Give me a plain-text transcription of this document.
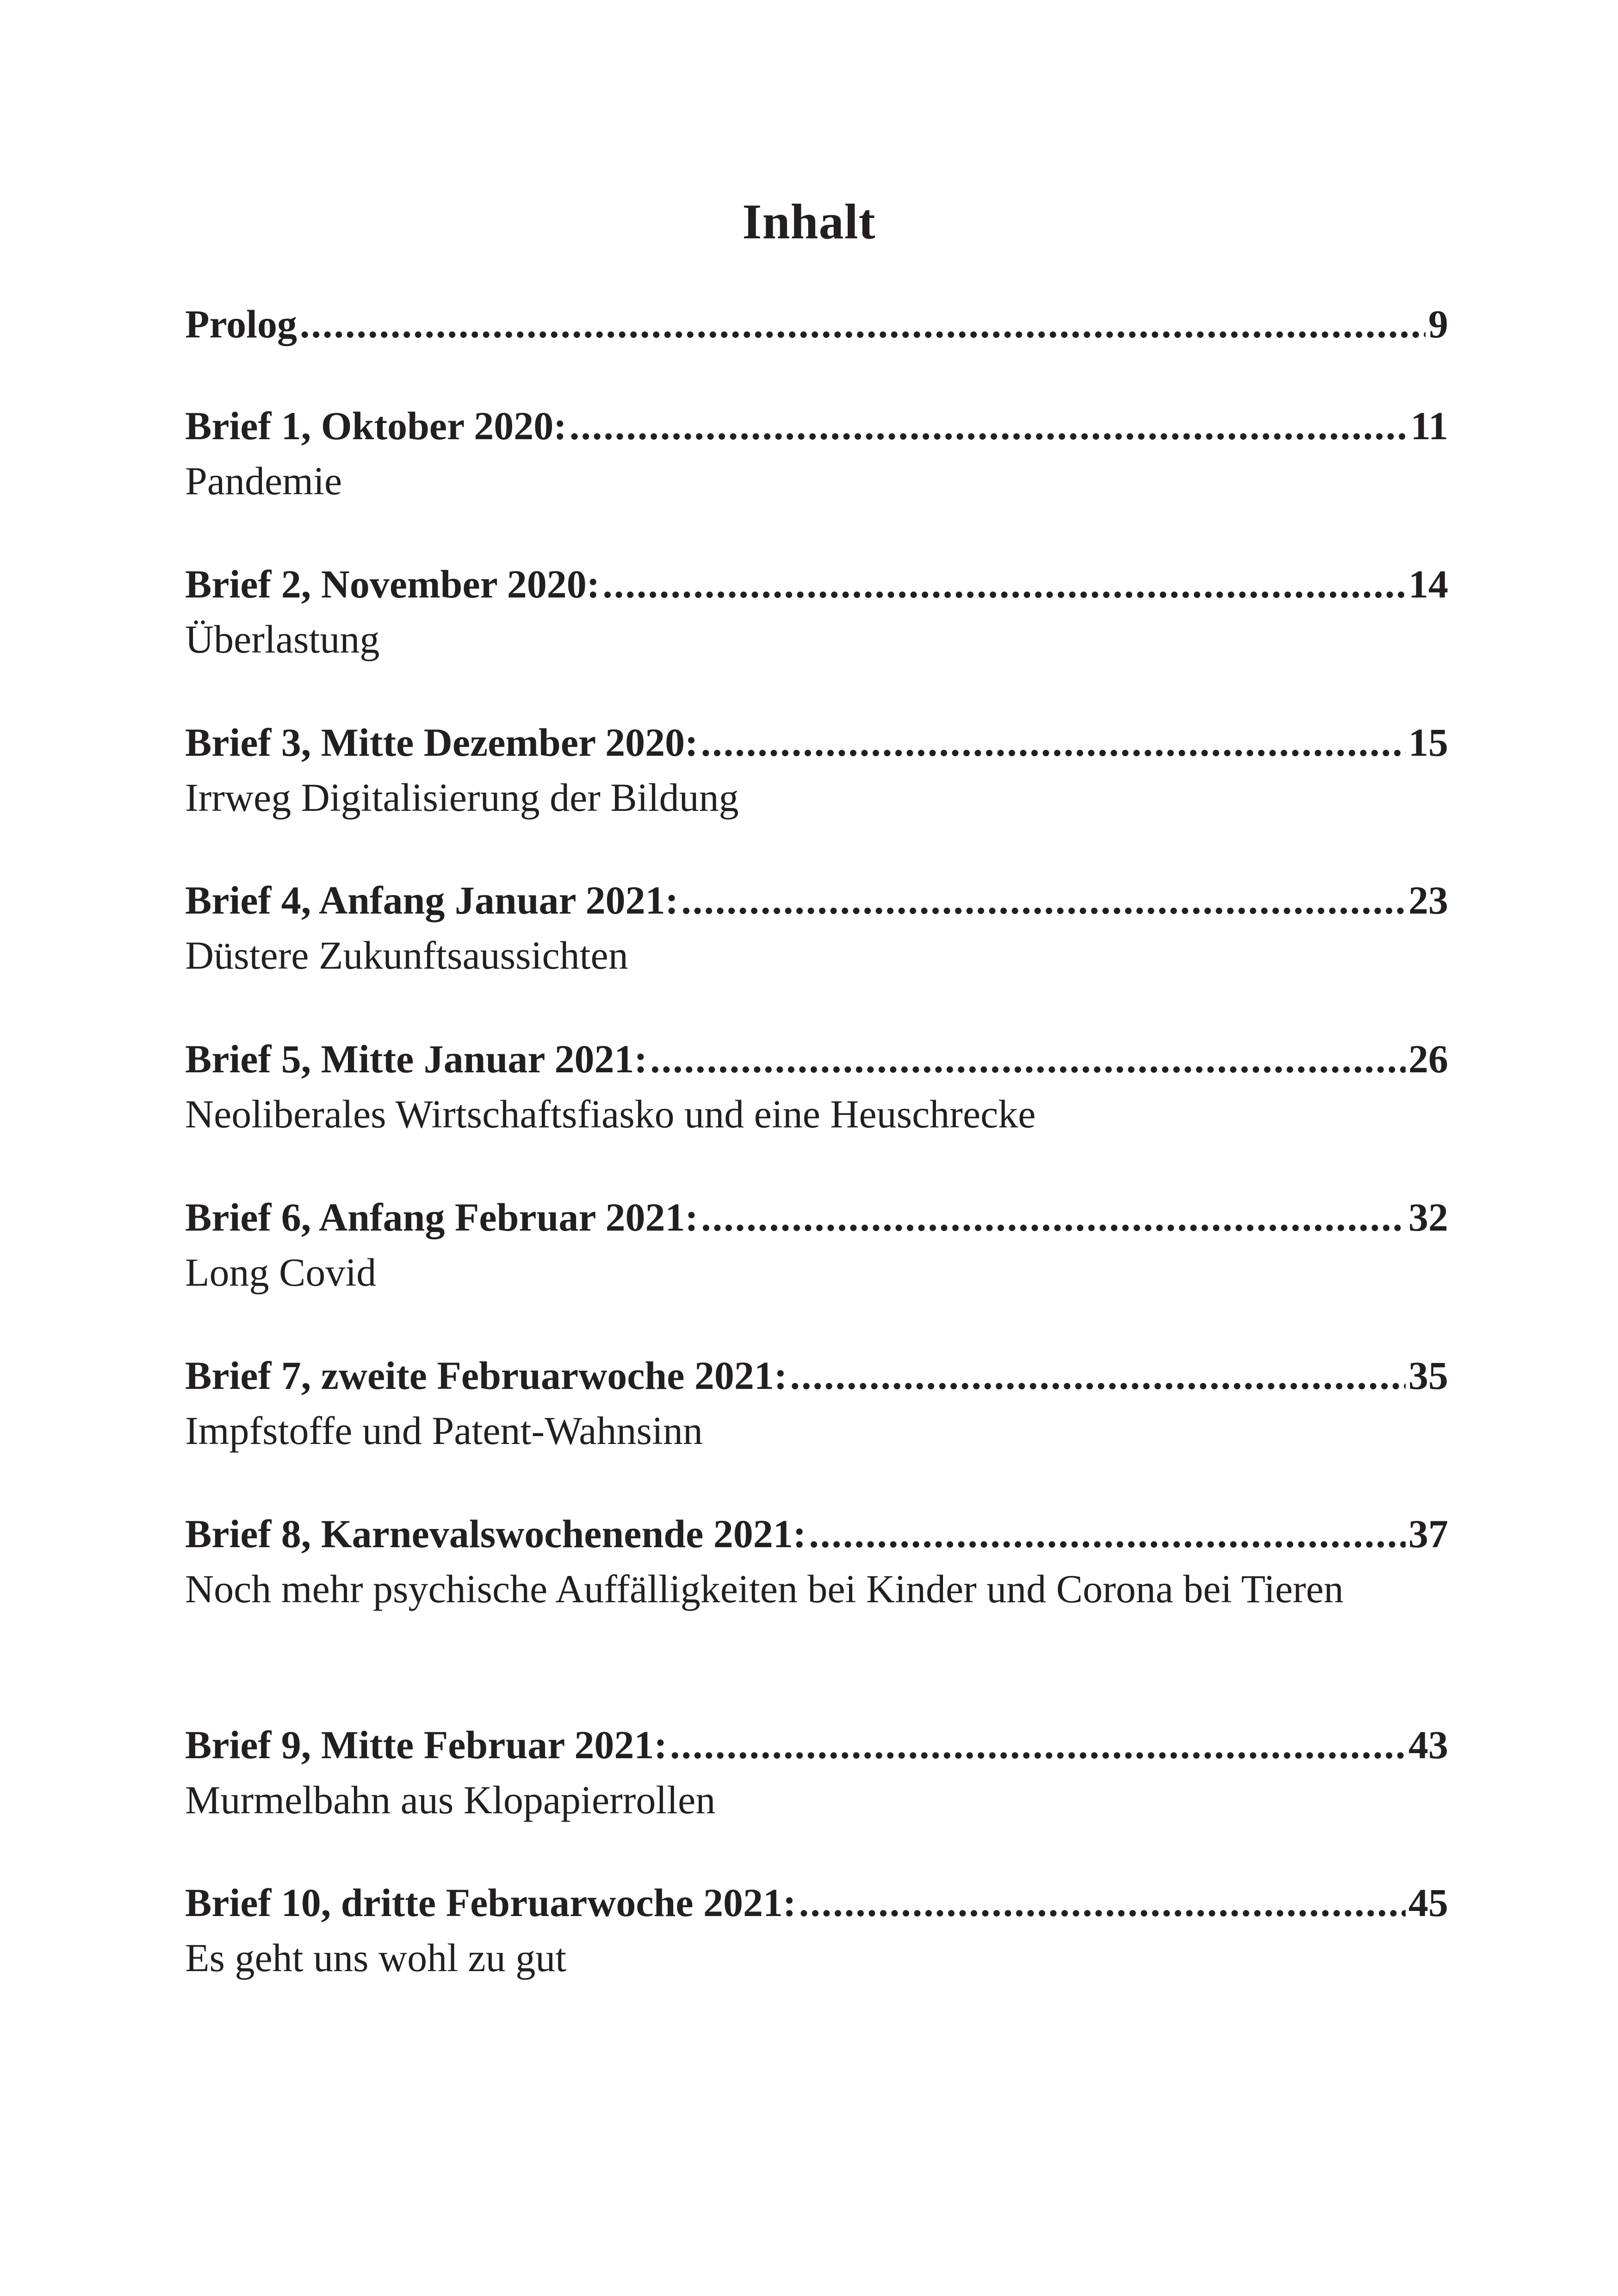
Inhalt
Prolog .....	9
Brief 1, Oktober 2020: .....	11
Pandemie
Brief 2, November 2020: .....	14
Überlastung
Brief 3, Mitte Dezember 2020: .....	15
Irrweg Digitalisierung der Bildung
Brief 4, Anfang Januar 2021: .....	23
Düstere Zukunftsaussichten
Brief 5, Mitte Januar 2021: .....	26
Neoliberales Wirtschaftsfiasko und eine Heuschrecke
Brief 6, Anfang Februar 2021: .....	32
Long Covid
Brief 7, zweite Februarwoche 2021: .....	35
Impfstoffe und Patent-Wahnsinn
Brief 8, Karnevalswochenende 2021: .....	37
Noch mehr psychische Auffälligkeiten bei Kinder und Corona bei Tieren
Brief 9, Mitte Februar 2021: .....	43
Murmelbahn aus Klopapierrollen
Brief 10, dritte Februarwoche 2021: .....	45
Es geht uns wohl zu gut
